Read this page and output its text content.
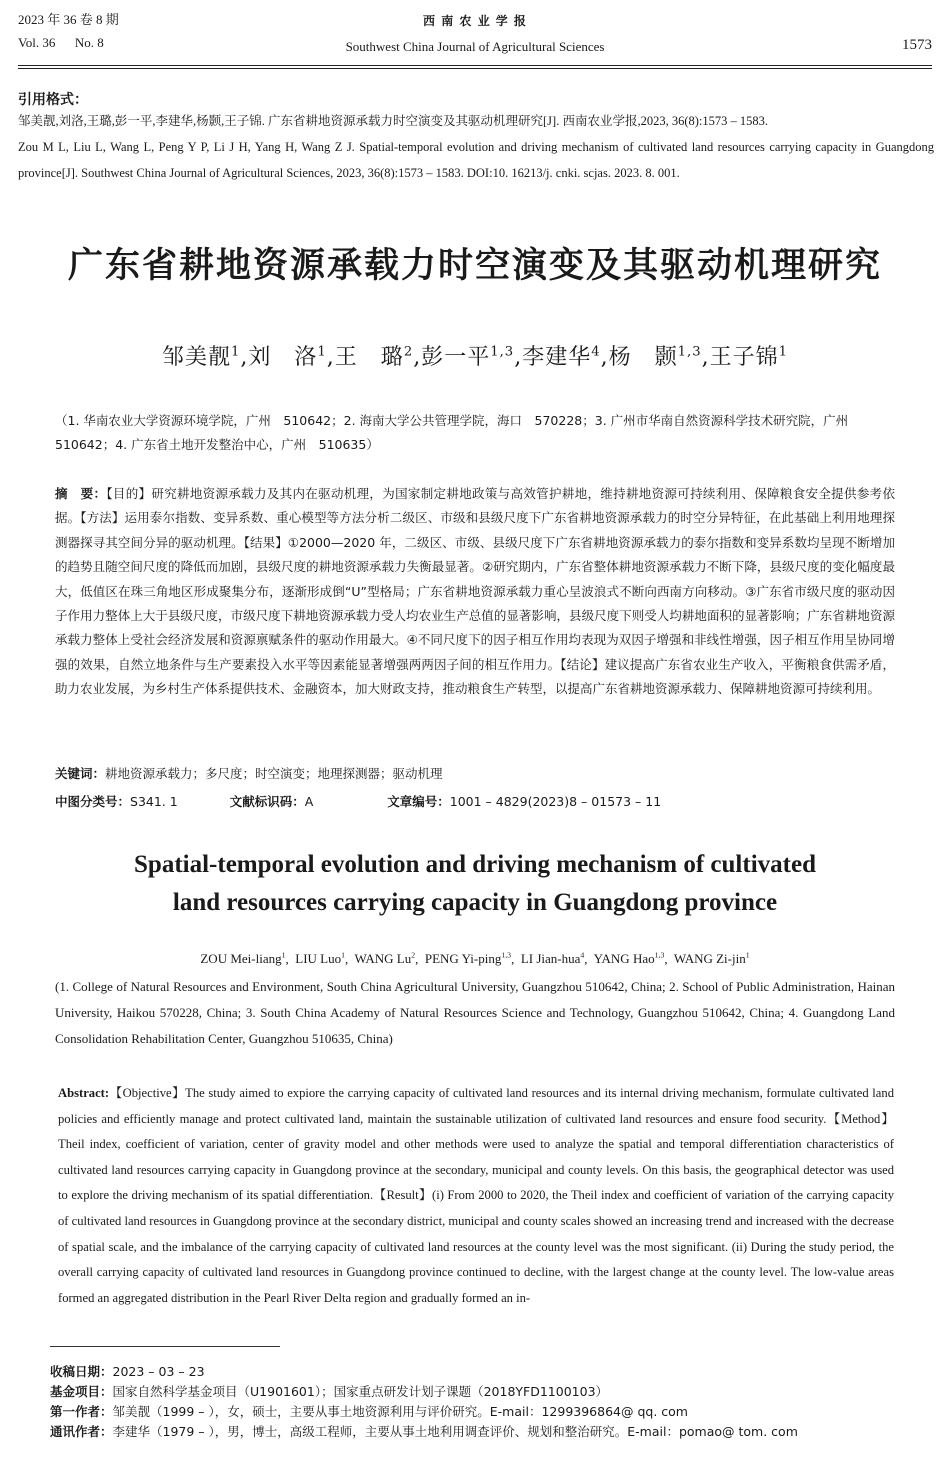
2023 年 36 卷 8 期
Vol. 36      No. 8
西 南 农 业 学 报
Southwest China Journal of Agricultural Sciences	1573
引用格式：
邹美靓,刘洛,王璐,彭一平,李建华,杨颢,王子锦. 广东省耕地资源承载力时空演变及其驱动机理研究[J]. 西南农业学报,2023, 36(8):1573 – 1583.
Zou M L, Liu L, Wang L, Peng Y P, Li J H, Yang H, Wang Z J. Spatial-temporal evolution and driving mechanism of cultivated land resources carrying capacity in Guangdong province[J]. Southwest China Journal of Agricultural Sciences, 2023, 36(8):1573 – 1583. DOI:10. 16213/j. cnki. scjas. 2023. 8. 001.
广东省耕地资源承载力时空演变及其驱动机理研究
邹美靓$^1$,刘　洛$^1$,王　璐$^2$,彭一平$^{1,3}$,李建华$^4$,杨　颢$^{1,3}$,王子锦$^1$
（1. 华南农业大学资源环境学院，广州　510642；2. 海南大学公共管理学院，海口　570228；3. 广州市华南自然资源科学技术研究院，广州　510642；4. 广东省土地开发整治中心，广州　510635）
摘　要：【目的】研究耕地资源承载力及其内在驱动机理，为国家制定耕地政策与高效管护耕地，维持耕地资源可持续利用、保障粮食安全提供参考依据。【方法】运用泰尔指数、变异系数、重心模型等方法分析二级区、市级和县级尺度下广东省耕地资源承载力的时空分异特征，在此基础上利用地理探测器探寻其空间分异的驱动机理。【结果】①2000—2020 年，二级区、市级、县级尺度下广东省耕地资源承载力的泰尔指数和变异系数均呈现不断增加的趋势且随空间尺度的降低而加剧，县级尺度的耕地资源承载力失衡最显著。②研究期内，广东省整体耕地资源承载力不断下降，县级尺度的变化幅度最大，低值区在珠三角地区形成聚集分布，逐渐形成倒“U”型格局；广东省耕地资源承载力重心呈波浪式不断向西南方向移动。③广东省市级尺度的驱动因子作用力整体上大于县级尺度，市级尺度下耕地资源承载力受人均农业生产总值的显著影响，县级尺度下则受人均耕地面积的显著影响；广东省耕地资源承载力整体上受社会经济发展和资源禀赋条件的驱动作用最大。④不同尺度下的因子相互作用均表现为双因子增强和非线性增强，因子相互作用呈协同增强的效果，自然立地条件与生产要素投入水平等因素能显著增强两两因子间的相互作用力。【结论】建议提高广东省农业生产收入，平衡粮食供需矛盾，助力农业发展，为乡村生产体系提供技术、金融资本，加大财政支持，推动粮食生产转型，以提高广东省耕地资源承载力、保障耕地资源可持续利用。
关键词：耕地资源承载力；多尺度；时空演变；地理探测器；驱动机理
中图分类号：S341. 1	文献标识码：A	文章编号：1001 – 4829(2023)8 – 01573 – 11
Spatial-temporal evolution and driving mechanism of cultivated land resources carrying capacity in Guangdong province
ZOU Mei-liang$^1$,  LIU Luo$^1$,  WANG Lu$^2$,  PENG Yi-ping$^{1,3}$,  LI Jian-hua$^4$,  YANG Hao$^{1,3}$,  WANG Zi-jin$^1$
(1. College of Natural Resources and Environment, South China Agricultural University, Guangzhou 510642, China; 2. School of Public Administration, Hainan University, Haikou 570228, China; 3. South China Academy of Natural Resources Science and Technology, Guangzhou 510642, China; 4. Guangdong Land Consolidation Rehabilitation Center, Guangzhou 510635, China)
Abstract:【Objective】The study aimed to expiore the carrying capacity of cultivated land resources and its internal driving mechanism, formulate cultivated land policies and efficiently manage and protect cultivated land, maintain the sustainable utilization of cultivated land resources and ensure food security.【Method】Theil index, coefficient of variation, center of gravity model and other methods were used to analyze the spatial and temporal differentiation characteristics of cultivated land resources carrying capacity in Guangdong province at the secondary, municipal and county levels. On this basis, the geographical detector was used to explore the driving mechanism of its spatial differentiation.【Result】(i) From 2000 to 2020, the Theil index and coefficient of variation of the carrying capacity of cultivated land resources in Guangdong province at the secondary district, municipal and county scales showed an increasing trend and increased with the decrease of spatial scale, and the imbalance of the carrying capacity of cultivated land resources at the county level was the most significant. (ii) During the study period, the overall carrying capacity of cultivated land resources in Guangdong province continued to decline, with the largest change at the county level. The low-value areas formed an aggregated distribution in the Pearl River Delta region and gradually formed an in-
收稿日期：2023 – 03 – 23
基金项目：国家自然科学基金项目（U1901601）；国家重点研发计划子课题（2018YFD1100103）
第一作者：邹美靓（1999 – ），女，硕士，主要从事土地资源利用与评价研究。E-mail：1299396864@ qq. com
通讯作者：李建华（1979 – ），男，博士，高级工程师，主要从事土地利用调查评价、规划和整治研究。E-mail：pomao@ tom. com
